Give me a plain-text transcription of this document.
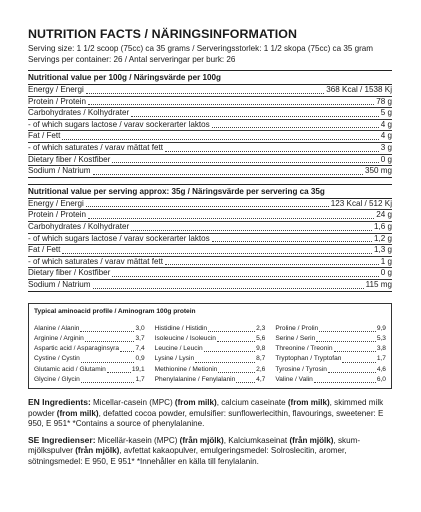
NUTRITION FACTS / NÄRINGSINFORMATION
Serving size: 1 1/2 scoop (75cc) ca 35 grams / Serveringsstorlek: 1 1/2 skopa (75cc) ca 35 gram
Servings per container: 26 / Antal serveringar per burk: 26
Nutritional value per 100g / Näringsvärde per 100g
Energy / Energi	368 Kcal / 1538 Kj
Protein / Protein	78 g
Carbohydrates / Kolhydrater	5 g
- of which sugars lactose / varav sockerarter laktos	4 g
Fat / Fett	4 g
- of which saturates / varav mättat fett	3 g
Dietary fiber / Kostfiber	0 g
Sodium / Natrium	350 mg
Nutritional value per serving approx: 35g / Näringsvärde per servering ca 35g
Energy / Energi	123 Kcal / 512 Kj
Protein / Protein	24 g
Carbohydrates / Kolhydrater	1,6 g
- of which sugars lactose / varav sockerarter laktos	1,2 g
Fat / Fett	1,3 g
- of which saturates / varav mättat fett	1 g
Dietary fiber / Kostfiber	0 g
Sodium / Natrium	115 mg
Typical aminoacid profile / Aminogram 100g protein
Alanine / Alanin	3,0 Histidine / Histidin	2,3 Proline / Prolin	9,9
Arginine / Arginin	3,7 Isoleucine / Isoleucin	5,6 Serine / Serin	5,3
Aspartic acid / Asparaginsyra 7,4 Leucine / Leucin	9,8 Threonine / Treonin	3,8
Cystine / Cystin	0,9 Lysine / Lysin	8,7 Tryptophan / Tryptofan	1,7
Glutamic acid / Glutamin	19,1 Methionine / Metionin	2,6 Tyrosine / Tyrosin	4,6
Glycine / Glycin	1,7 Phenylalanine / Fenylalanin	4,7 Valine / Valin	6,0

EN Ingredients: Micellar-casein (MPC) (from milk), calcium caseinate (from milk), skimmed milk powder (from milk), defatted cocoa powder, emulsifier: sunflowerlecithin, flavourings, sweetener: E 950, E 951* *Contains a source of phenylalanine.

SE Ingredienser: Micellär-kasein (MPC) (från mjölk), Kalciumkaseinat (från mjölk), skum-mjölkspulver (från mjölk), avfettat kakaopulver, emulgeringsmedel: Solroslecitin, aromer, sötningsmedel: E 950, E 951* *Innehåller en källa till fenylalanin.
